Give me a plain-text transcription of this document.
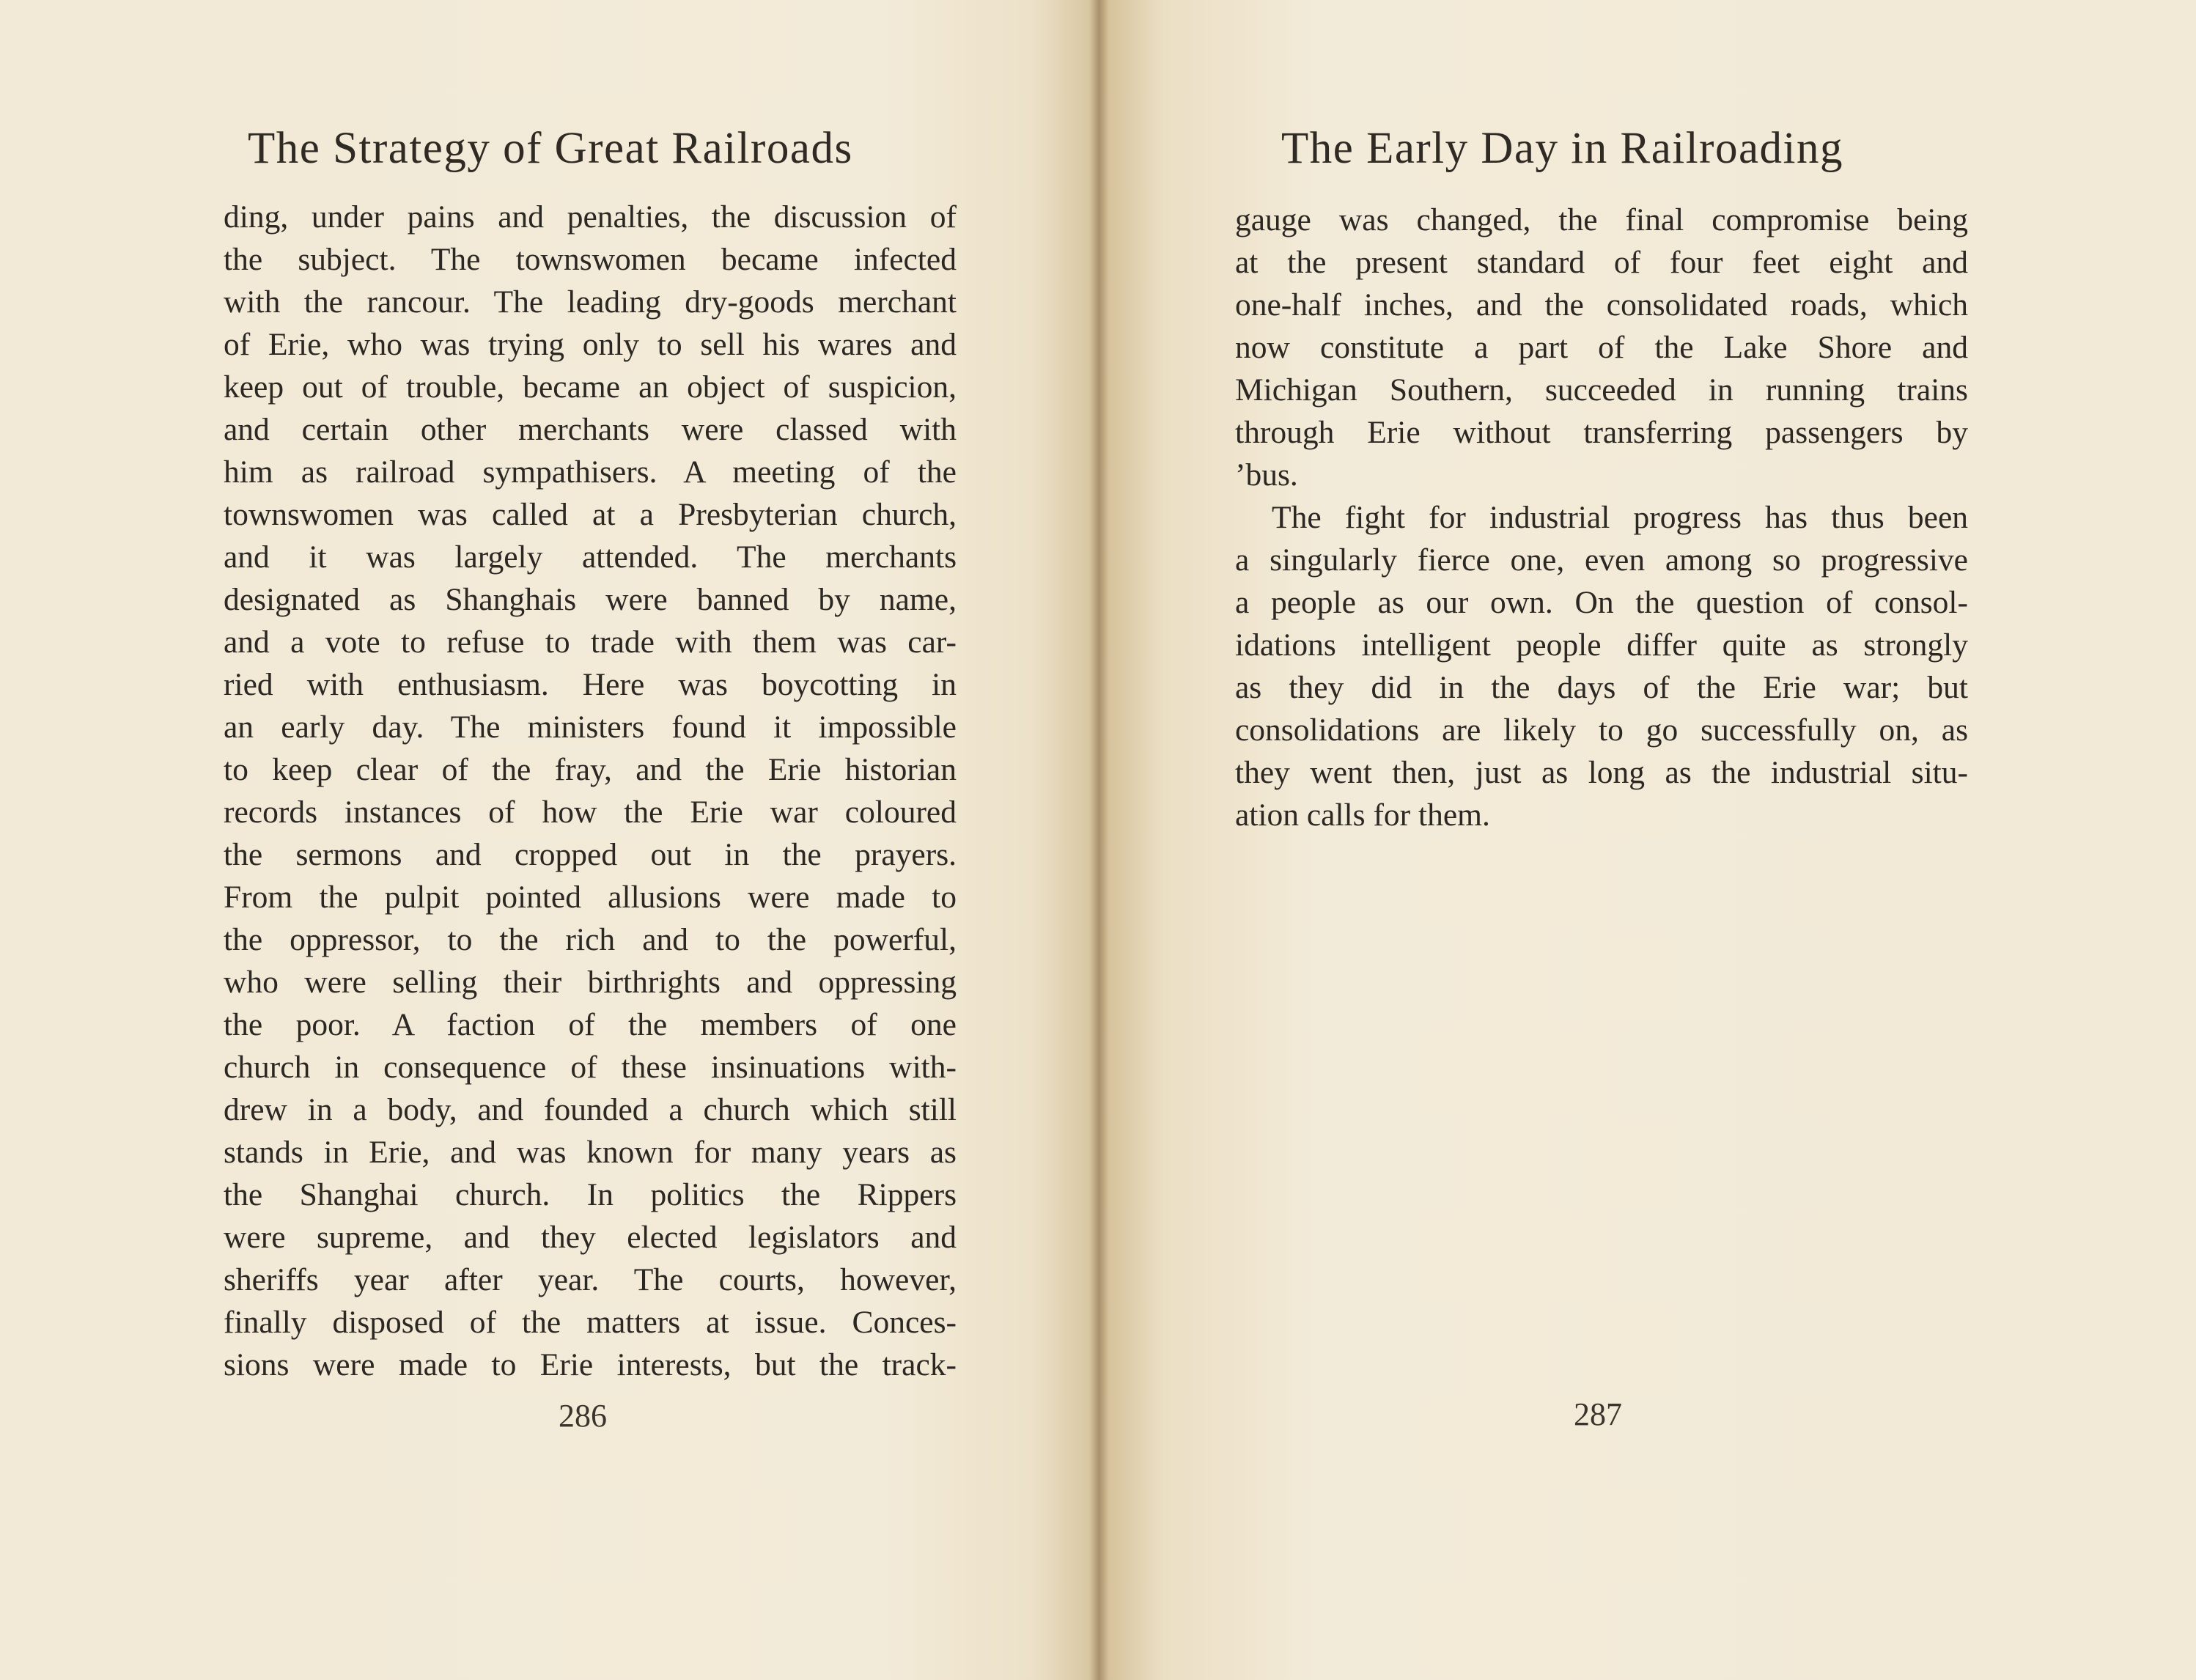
The Strategy of Great Railroads
ding, under pains and penalties, the discussion of
the subject. The townswomen became infected
with the rancour. The leading dry-goods merchant
of Erie, who was trying only to sell his wares and
keep out of trouble, became an object of suspicion,
and certain other merchants were classed with
him as railroad sympathisers. A meeting of the
townswomen was called at a Presbyterian church,
and it was largely attended. The merchants
designated as Shanghais were banned by name,
and a vote to refuse to trade with them was car-
ried with enthusiasm. Here was boycotting in
an early day. The ministers found it impossible
to keep clear of the fray, and the Erie historian
records instances of how the Erie war coloured
the sermons and cropped out in the prayers.
From the pulpit pointed allusions were made to
the oppressor, to the rich and to the powerful,
who were selling their birthrights and oppressing
the poor. A faction of the members of one
church in consequence of these insinuations with-
drew in a body, and founded a church which still
stands in Erie, and was known for many years as
the Shanghai church. In politics the Rippers
were supreme, and they elected legislators and
sheriffs year after year. The courts, however,
finally disposed of the matters at issue. Conces-
sions were made to Erie interests, but the track-
286
The Early Day in Railroading
gauge was changed, the final compromise being
at the present standard of four feet eight and
one-half inches, and the consolidated roads, which
now constitute a part of the Lake Shore and
Michigan Southern, succeeded in running trains
through Erie without transferring passengers by
’bus.
The fight for industrial progress has thus been
a singularly fierce one, even among so progressive
a people as our own. On the question of consol-
idations intelligent people differ quite as strongly
as they did in the days of the Erie war; but
consolidations are likely to go successfully on, as
they went then, just as long as the industrial situ-
ation calls for them.
287
